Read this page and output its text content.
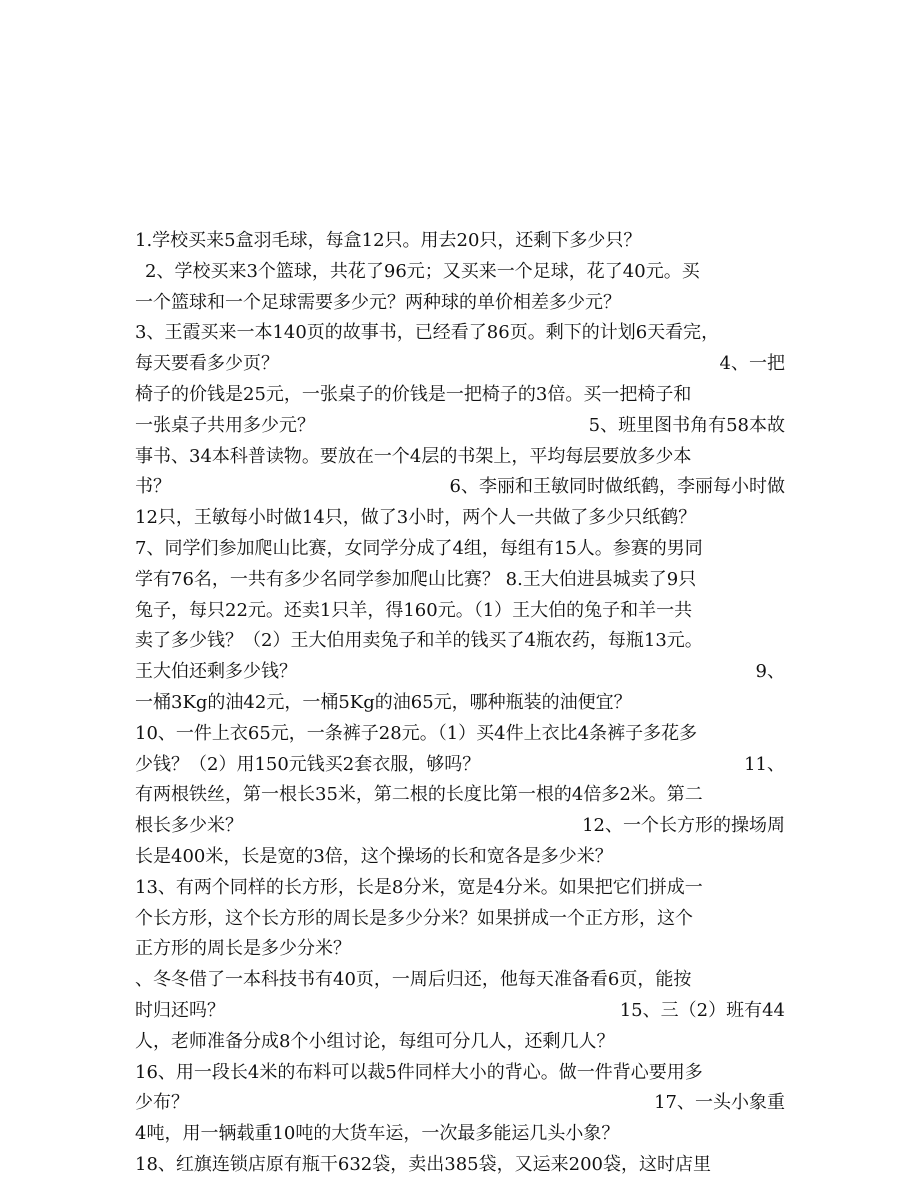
1.学校买来5盒羽毛球，每盒12只。用去20只，还剩下多少只？
2、学校买来3个篮球，共花了96元；又买来一个足球，花了40元。买
一个篮球和一个足球需要多少元？两种球的单价相差多少元？
3、王霞买来一本140页的故事书，已经看了86页。剩下的计划6天看完，
每天要看多少页？	4、一把
椅子的价钱是25元，一张桌子的价钱是一把椅子的3倍。买一把椅子和
一张桌子共用多少元？	5、班里图书角有58本故
事书、34本科普读物。要放在一个4层的书架上，平均每层要放多少本
书？	6、李丽和王敏同时做纸鹤，李丽每小时做
12只，王敏每小时做14只，做了3小时，两个人一共做了多少只纸鹤？
7、同学们参加爬山比赛，女同学分成了4组，每组有15人。参赛的男同
学有76名，一共有多少名同学参加爬山比赛？ 8.王大伯进县城卖了9只
兔子，每只22元。还卖1只羊，得160元。（1）王大伯的兔子和羊一共
卖了多少钱？（2）王大伯用卖兔子和羊的钱买了4瓶农药，每瓶13元。
王大伯还剩多少钱？	9、
一桶3Kg的油42元，一桶5Kg的油65元，哪种瓶装的油便宜？
10、一件上衣65元，一条裤子28元。（1）买4件上衣比4条裤子多花多
少钱？（2）用150元钱买2套衣服，够吗？	11、
有两根铁丝，第一根长35米，第二根的长度比第一根的4倍多2米。第二
根长多少米？	12、一个长方形的操场周
长是400米，长是宽的3倍，这个操场的长和宽各是多少米？
13、有两个同样的长方形，长是8分米，宽是4分米。如果把它们拼成一
个长方形，这个长方形的周长是多少分米？如果拼成一个正方形，这个
正方形的周长是多少分米？
、冬冬借了一本科技书有40页，一周后归还，他每天准备看6页，能按
时归还吗？	15、三（2）班有44
人，老师准备分成8个小组讨论，每组可分几人，还剩几人？
16、用一段长4米的布料可以裁5件同样大小的背心。做一件背心要用多
少布？	17、一头小象重
4吨，用一辆载重10吨的大货车运，一次最多能运几头小象？
18、红旗连锁店原有瓶干632袋，卖出385袋，又运来200袋，这时店里
